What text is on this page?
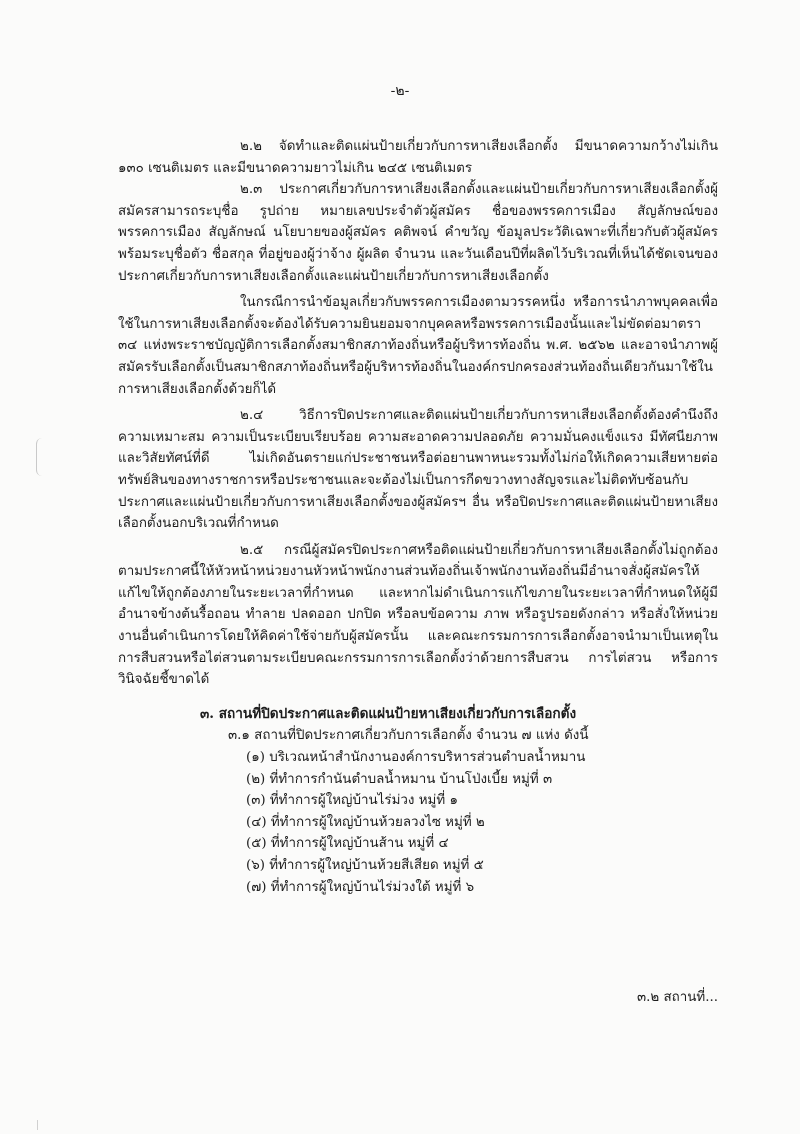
-๒-

๒.๒ จัดทำและติดแผ่นป้ายเกี่ยวกับการหาเสียงเลือกตั้ง มีขนาดความกว้างไม่เกิน ๑๓๐ เซนติเมตร และมีขนาดความยาวไม่เกิน ๒๔๕ เซนติเมตร

๒.๓ ประกาศเกี่ยวกับการหาเสียงเลือกตั้งและแผ่นป้ายเกี่ยวกับการหาเสียงเลือกตั้งผู้สมัครสามารถระบุชื่อ รูปถ่าย หมายเลขประจำตัวผู้สมัคร ชื่อของพรรคการเมือง สัญลักษณ์ของพรรคการเมือง สัญลักษณ์ นโยบายของผู้สมัคร คติพจน์ คำขวัญ ข้อมูลประวัติเฉพาะที่เกี่ยวกับตัวผู้สมัครพร้อมระบุชื่อตัว ชื่อสกุล ที่อยู่ของผู้ว่าจ้าง ผู้ผลิต จำนวน และวันเดือนปีที่ผลิตไว้บริเวณที่เห็นได้ชัดเจนของประกาศเกี่ยวกับการหาเสียงเลือกตั้งและแผ่นป้ายเกี่ยวกับการหาเสียงเลือกตั้ง

ในกรณีการนำข้อมูลเกี่ยวกับพรรคการเมืองตามวรรคหนึ่ง หรือการนำภาพบุคคลเพื่อใช้ในการหาเสียงเลือกตั้งจะต้องได้รับความยินยอมจากบุคคลหรือพรรคการเมืองนั้นและไม่ขัดต่อมาตรา ๓๔ แห่งพระราชบัญญัติการเลือกตั้งสมาชิกสภาท้องถิ่นหรือผู้บริหารท้องถิ่น พ.ศ. ๒๕๖๒ และอาจนำภาพผู้สมัครรับเลือกตั้งเป็นสมาชิกสภาท้องถิ่นหรือผู้บริหารท้องถิ่นในองค์กรปกครองส่วนท้องถิ่นเดียวกันมาใช้ในการหาเสียงเลือกตั้งด้วยก็ได้

๒.๔ วิธีการปิดประกาศและติดแผ่นป้ายเกี่ยวกับการหาเสียงเลือกตั้งต้องคำนึงถึงความเหมาะสม ความเป็นระเบียบเรียบร้อย ความสะอาดความปลอดภัย ความมั่นคงแข็งแรง มีทัศนียภาพและวิสัยทัศน์ที่ดี ไม่เกิดอันตรายแก่ประชาชนหรือต่อยานพาหนะรวมทั้งไม่ก่อให้เกิดความเสียหายต่อทรัพย์สินของทางราชการหรือประชาชนและจะต้องไม่เป็นการกีดขวางทางสัญจรและไม่ติดทับซ้อนกับประกาศและแผ่นป้ายเกี่ยวกับการหาเสียงเลือกตั้งของผู้สมัครฯ อื่น หรือปิดประกาศและติดแผ่นป้ายหาเสียงเลือกตั้งนอกบริเวณที่กำหนด

๒.๕ กรณีผู้สมัครปิดประกาศหรือติดแผ่นป้ายเกี่ยวกับการหาเสียงเลือกตั้งไม่ถูกต้องตามประกาศนี้ให้หัวหน้าหน่วยงานหัวหน้าพนักงานส่วนท้องถิ่นเจ้าพนักงานท้องถิ่นมีอำนาจสั่งผู้สมัครให้แก้ไขให้ถูกต้องภายในระยะเวลาที่กำหนด และหากไม่ดำเนินการแก้ไขภายในระยะเวลาที่กำหนดให้ผู้มีอำนาจข้างต้นรื้อถอน ทำลาย ปลดออก ปกปิด หรือลบข้อความ ภาพ หรือรูปรอยดังกล่าว หรือสั่งให้หน่วยงานอื่นดำเนินการโดยให้คิดค่าใช้จ่ายกับผู้สมัครนั้น และคณะกรรมการการเลือกตั้งอาจนำมาเป็นเหตุในการสืบสวนหรือไต่สวนตามระเบียบคณะกรรมการการเลือกตั้งว่าด้วยการสืบสวน การไต่สวน หรือการวินิจฉัยชี้ขาดได้

๓. สถานที่ปิดประกาศและติดแผ่นป้ายหาเสียงเกี่ยวกับการเลือกตั้ง
๓.๑ สถานที่ปิดประกาศเกี่ยวกับการเลือกตั้ง จำนวน ๗ แห่ง ดังนี้
(๑) บริเวณหน้าสำนักงานองค์การบริหารส่วนตำบลน้ำหมาน
(๒) ที่ทำการกำนันตำบลน้ำหมาน บ้านโป่งเบี้ย หมู่ที่ ๓
(๓) ที่ทำการผู้ใหญ่บ้านไร่ม่วง หมู่ที่ ๑
(๔) ที่ทำการผู้ใหญ่บ้านห้วยลวงไซ หมู่ที่ ๒
(๕) ที่ทำการผู้ใหญ่บ้านส้าน หมู่ที่ ๔
(๖) ที่ทำการผู้ใหญ่บ้านห้วยสีเสียด หมู่ที่ ๕
(๗) ที่ทำการผู้ใหญ่บ้านไร่ม่วงใต้ หมู่ที่ ๖
๓.๒ สถานที่...
